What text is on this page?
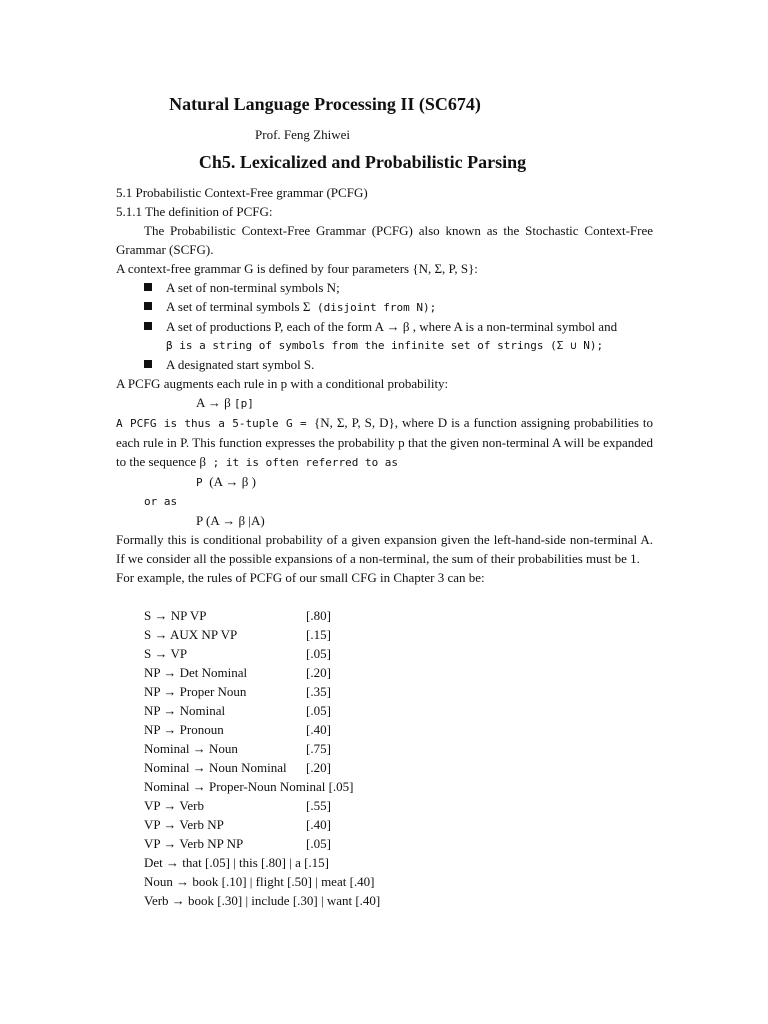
Natural Language Processing II (SC674)
Prof. Feng Zhiwei
Ch5. Lexicalized and Probabilistic Parsing

5.1 Probabilistic Context-Free grammar (PCFG)

5.1.1 The definition of PCFG:

The Probabilistic Context-Free Grammar (PCFG) also known as the Stochastic Context-Free Grammar (SCFG).

A context-free grammar G is defined by four parameters {N, Σ, P, S}:

A set of non-terminal symbols N;

A set of terminal symbols Σ (disjoint from N);

A set of productions P, each of the form A → β , where A is a non-terminal symbol and

β is a string of symbols from the infinite set of strings (Σ ∪ N);

A designated start symbol S.

A PCFG augments each rule in p with a conditional probability:

A → β [p]

A PCFG is thus a 5-tuple G = {N, Σ, P, S, D}, where D is a function assigning probabilities to each rule in P. This function expresses the probability p that the given non-terminal A will be expanded to the sequence β ; it is often referred to as

P (A → β )

or as

P (A → β |A)

Formally this is conditional probability of a given expansion given the left-hand-side non-terminal A. If we consider all the possible expansions of a non-terminal, the sum of their probabilities must be 1.

For example, the rules of PCFG of our small CFG in Chapter 3 can be:

S → NP VP	[.80]
S → AUX NP VP	[.15]
S → VP	[.05]
NP → Det Nominal	[.20]
NP → Proper Noun	[.35]
NP → Nominal	[.05]
NP → Pronoun	[.40]
Nominal → Noun	[.75]
Nominal → Noun Nominal [.20]
Nominal → Proper-Noun Nominal [.05]
VP → Verb	[.55]
VP → Verb NP	[.40]
VP → Verb NP NP	[.05]
Det → that [.05] | this [.80] | a [.15]
Noun → book [.10] | flight [.50] | meat [.40]
Verb → book [.30] | include [.30] | want [.40]
